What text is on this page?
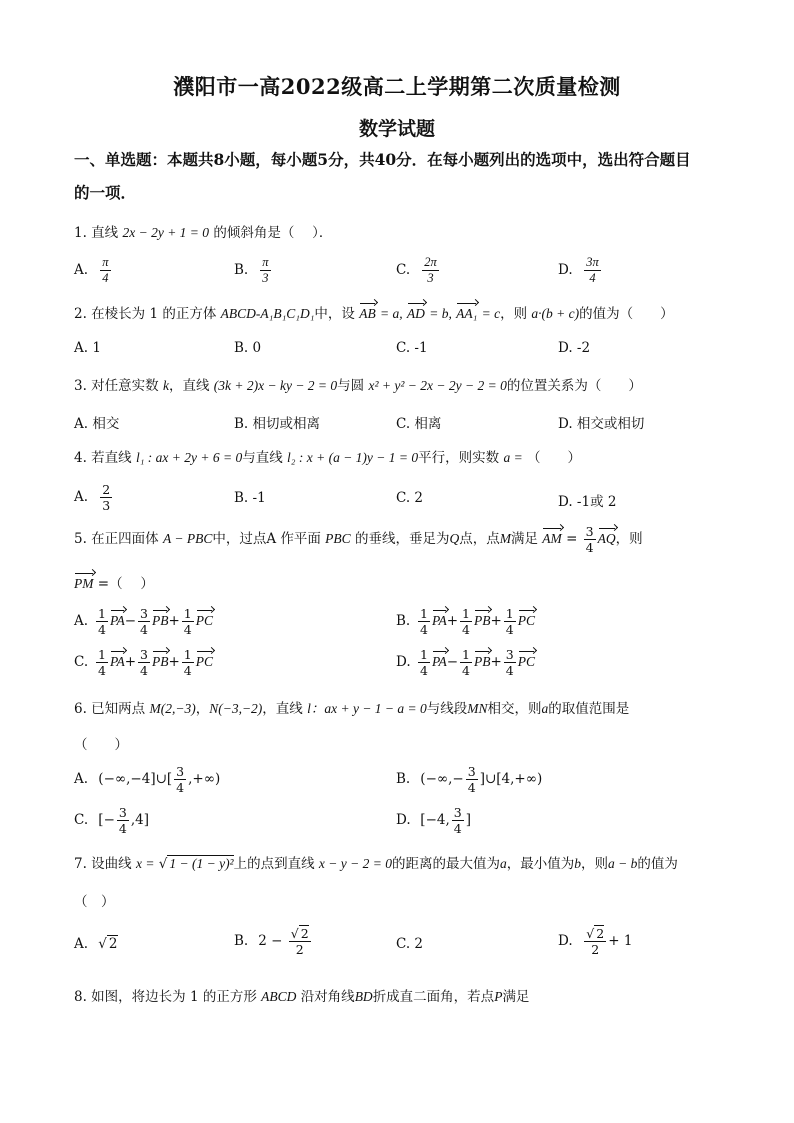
濮阳市一高2022级高二上学期第二次质量检测
数学试题
一、单选题：本题共8小题，每小题5分，共40分．在每小题列出的选项中，选出符合题目
的一项．
1. 直线 2x − 2y + 1 = 0 的倾斜角是（　 ）．
A. $\frac{\pi}{4}$	B. $\frac{\pi}{3}$	C. $\frac{2\pi}{3}$	D. $\frac{3\pi}{4}$
2. 在棱长为 1 的正方体 ABCD-A₁B₁C₁D₁中，设 AB = a, AD = b, AA₁ = c，则 a·(b + c)的值为（　　）
A. 1	B. 0	C. -1	D. -2
3. 对任意实数 k，直线 (3k + 2)x − ky − 2 = 0与圆 x² + y² − 2x − 2y − 2 = 0的位置关系为（　　）
A. 相交	B. 相切或相离	C. 相离	D. 相交或相切
4. 若直线 l₁ : ax + 2y + 6 = 0与直线 l₂ : x + (a − 1)y − 1 = 0平行，则实数 a = （　　）
A. $\frac{2}{3}$	B. -1	C. 2	D. -1或 2
5. 在正四面体 A − PBC中，过点A 作平面 PBC 的垂线，垂足为Q点，点M满足 AM = $\frac{3}{4}$ AQ，则
PM =（　 ）
A. $\frac{1}{4} PA- \frac{3}{4} PB+ \frac{1}{4}$ PC	B. $\frac{1}{4} PA+ \frac{1}{4} PB+ \frac{1}{4}$ PC
C. $\frac{1}{4} PA+ \frac{3}{4} PB+ \frac{1}{4}$ PC	D. $\frac{1}{4} PA- \frac{1}{4} PB+ \frac{3}{4}$ PC
6. 已知两点 M(2,−3)，N(−3,−2)，直线 l：ax + y − 1 − a = 0与线段MN相交，则a的取值范围是
（　　）
A. (−∞,−4]∪[ $\frac{3}{4}$ ,+∞)	B. (−∞,− $\frac{3}{4}$ ]∪[4,+∞)
C. [− $\frac{3}{4} ,4$]	D. [−4, $\frac{3}{4}$ ]
7. 设曲线 x = √ 1 − (1 − y)²上的点到直线 x − y − 2 = 0的距离的最大值为a，最小值为b，则a − b的值为
（　）
A. √ 2	B. $2 - \frac{√ 2}{2}$	C. 2	D. $\frac{√ 2}{2} + 1$
8. 如图，将边长为 1 的正方形 ABCD 沿对角线BD折成直二面角，若点P满足
